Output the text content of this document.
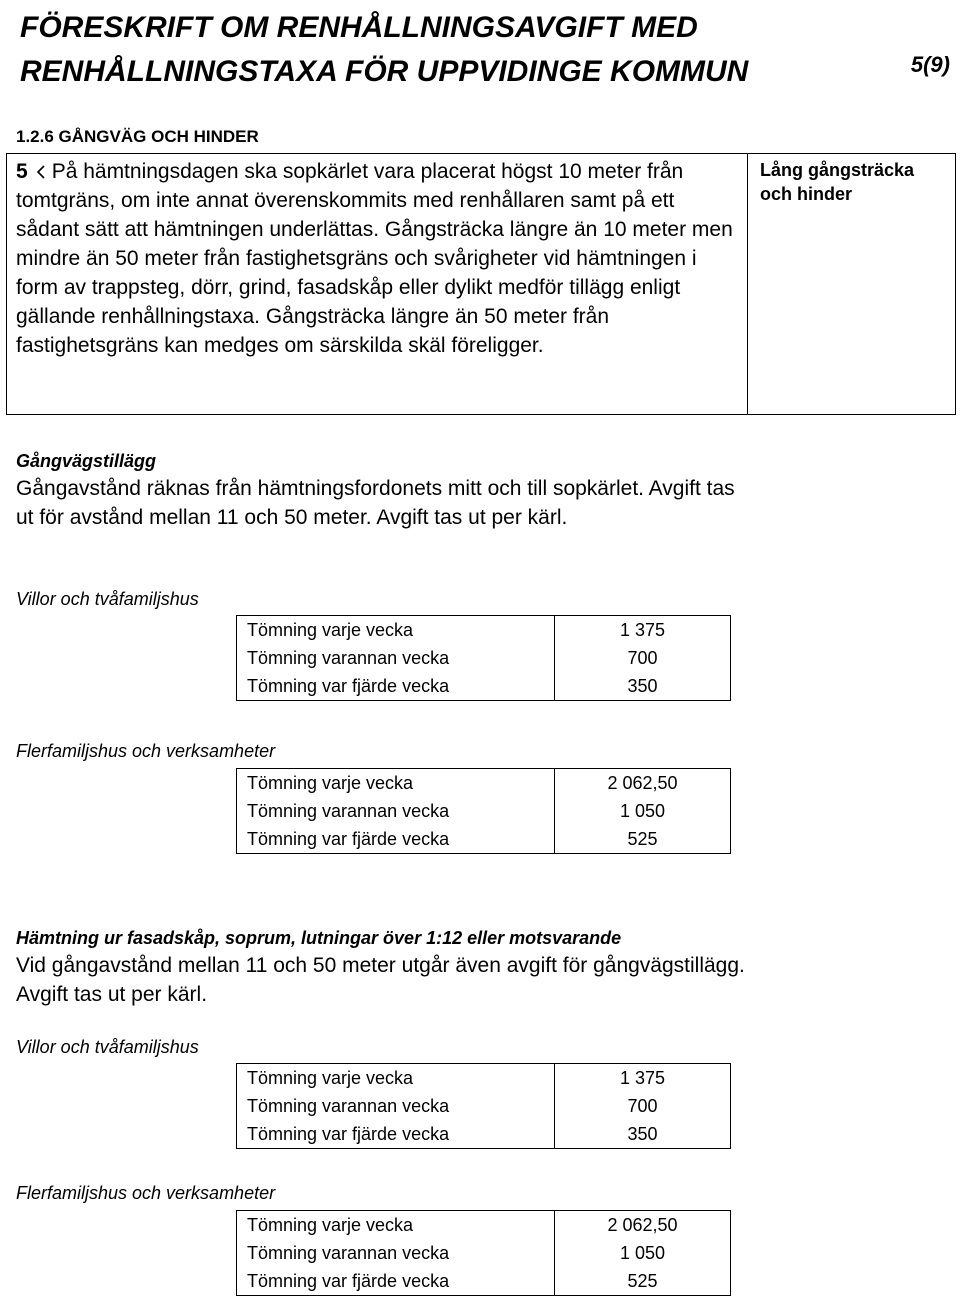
FÖRESKRIFT OM RENHÅLLNINGSAVGIFT MED RENHÅLLNINGSTAXA FÖR UPPVIDINGE KOMMUN	5(9)
1.2.6 GÅNGVÄG OCH HINDER
5 På hämtningsdagen ska sopkärlet vara placerat högst 10 meter från tomtgräns, om inte annat överenskommits med renhållaren samt på ett sådant sätt att hämtningen underlättas. Gångsträcka längre än 10 meter men mindre än 50 meter från fastighetsgräns och svårigheter vid hämtningen i form av trappsteg, dörr, grind, fasadskåp eller dylikt medför tillägg enligt gällande renhållningstaxa. Gångsträcka längre än 50 meter från fastighetsgräns kan medges om särskilda skäl föreligger.
Lång gångsträcka och hinder
Gångvägstillägg
Gångavstånd räknas från hämtningsfordonets mitt och till sopkärlet. Avgift tas ut för avstånd mellan 11 och 50 meter. Avgift tas ut per kärl.
Villor och tvåfamiljshus
Tömning varje vecka	1 375
Tömning varannan vecka	700
Tömning var fjärde vecka	350
Flerfamiljshus och verksamheter
Tömning varje vecka	2 062,50
Tömning varannan vecka	1 050
Tömning var fjärde vecka	525
Hämtning ur fasadskåp, soprum, lutningar över 1:12 eller motsvarande
Vid gångavstånd mellan 11 och 50 meter utgår även avgift för gångvägstillägg. Avgift tas ut per kärl.
Villor och tvåfamiljshus
Tömning varje vecka	1 375
Tömning varannan vecka	700
Tömning var fjärde vecka	350
Flerfamiljshus och verksamheter
Tömning varje vecka	2 062,50
Tömning varannan vecka	1 050
Tömning var fjärde vecka	525
